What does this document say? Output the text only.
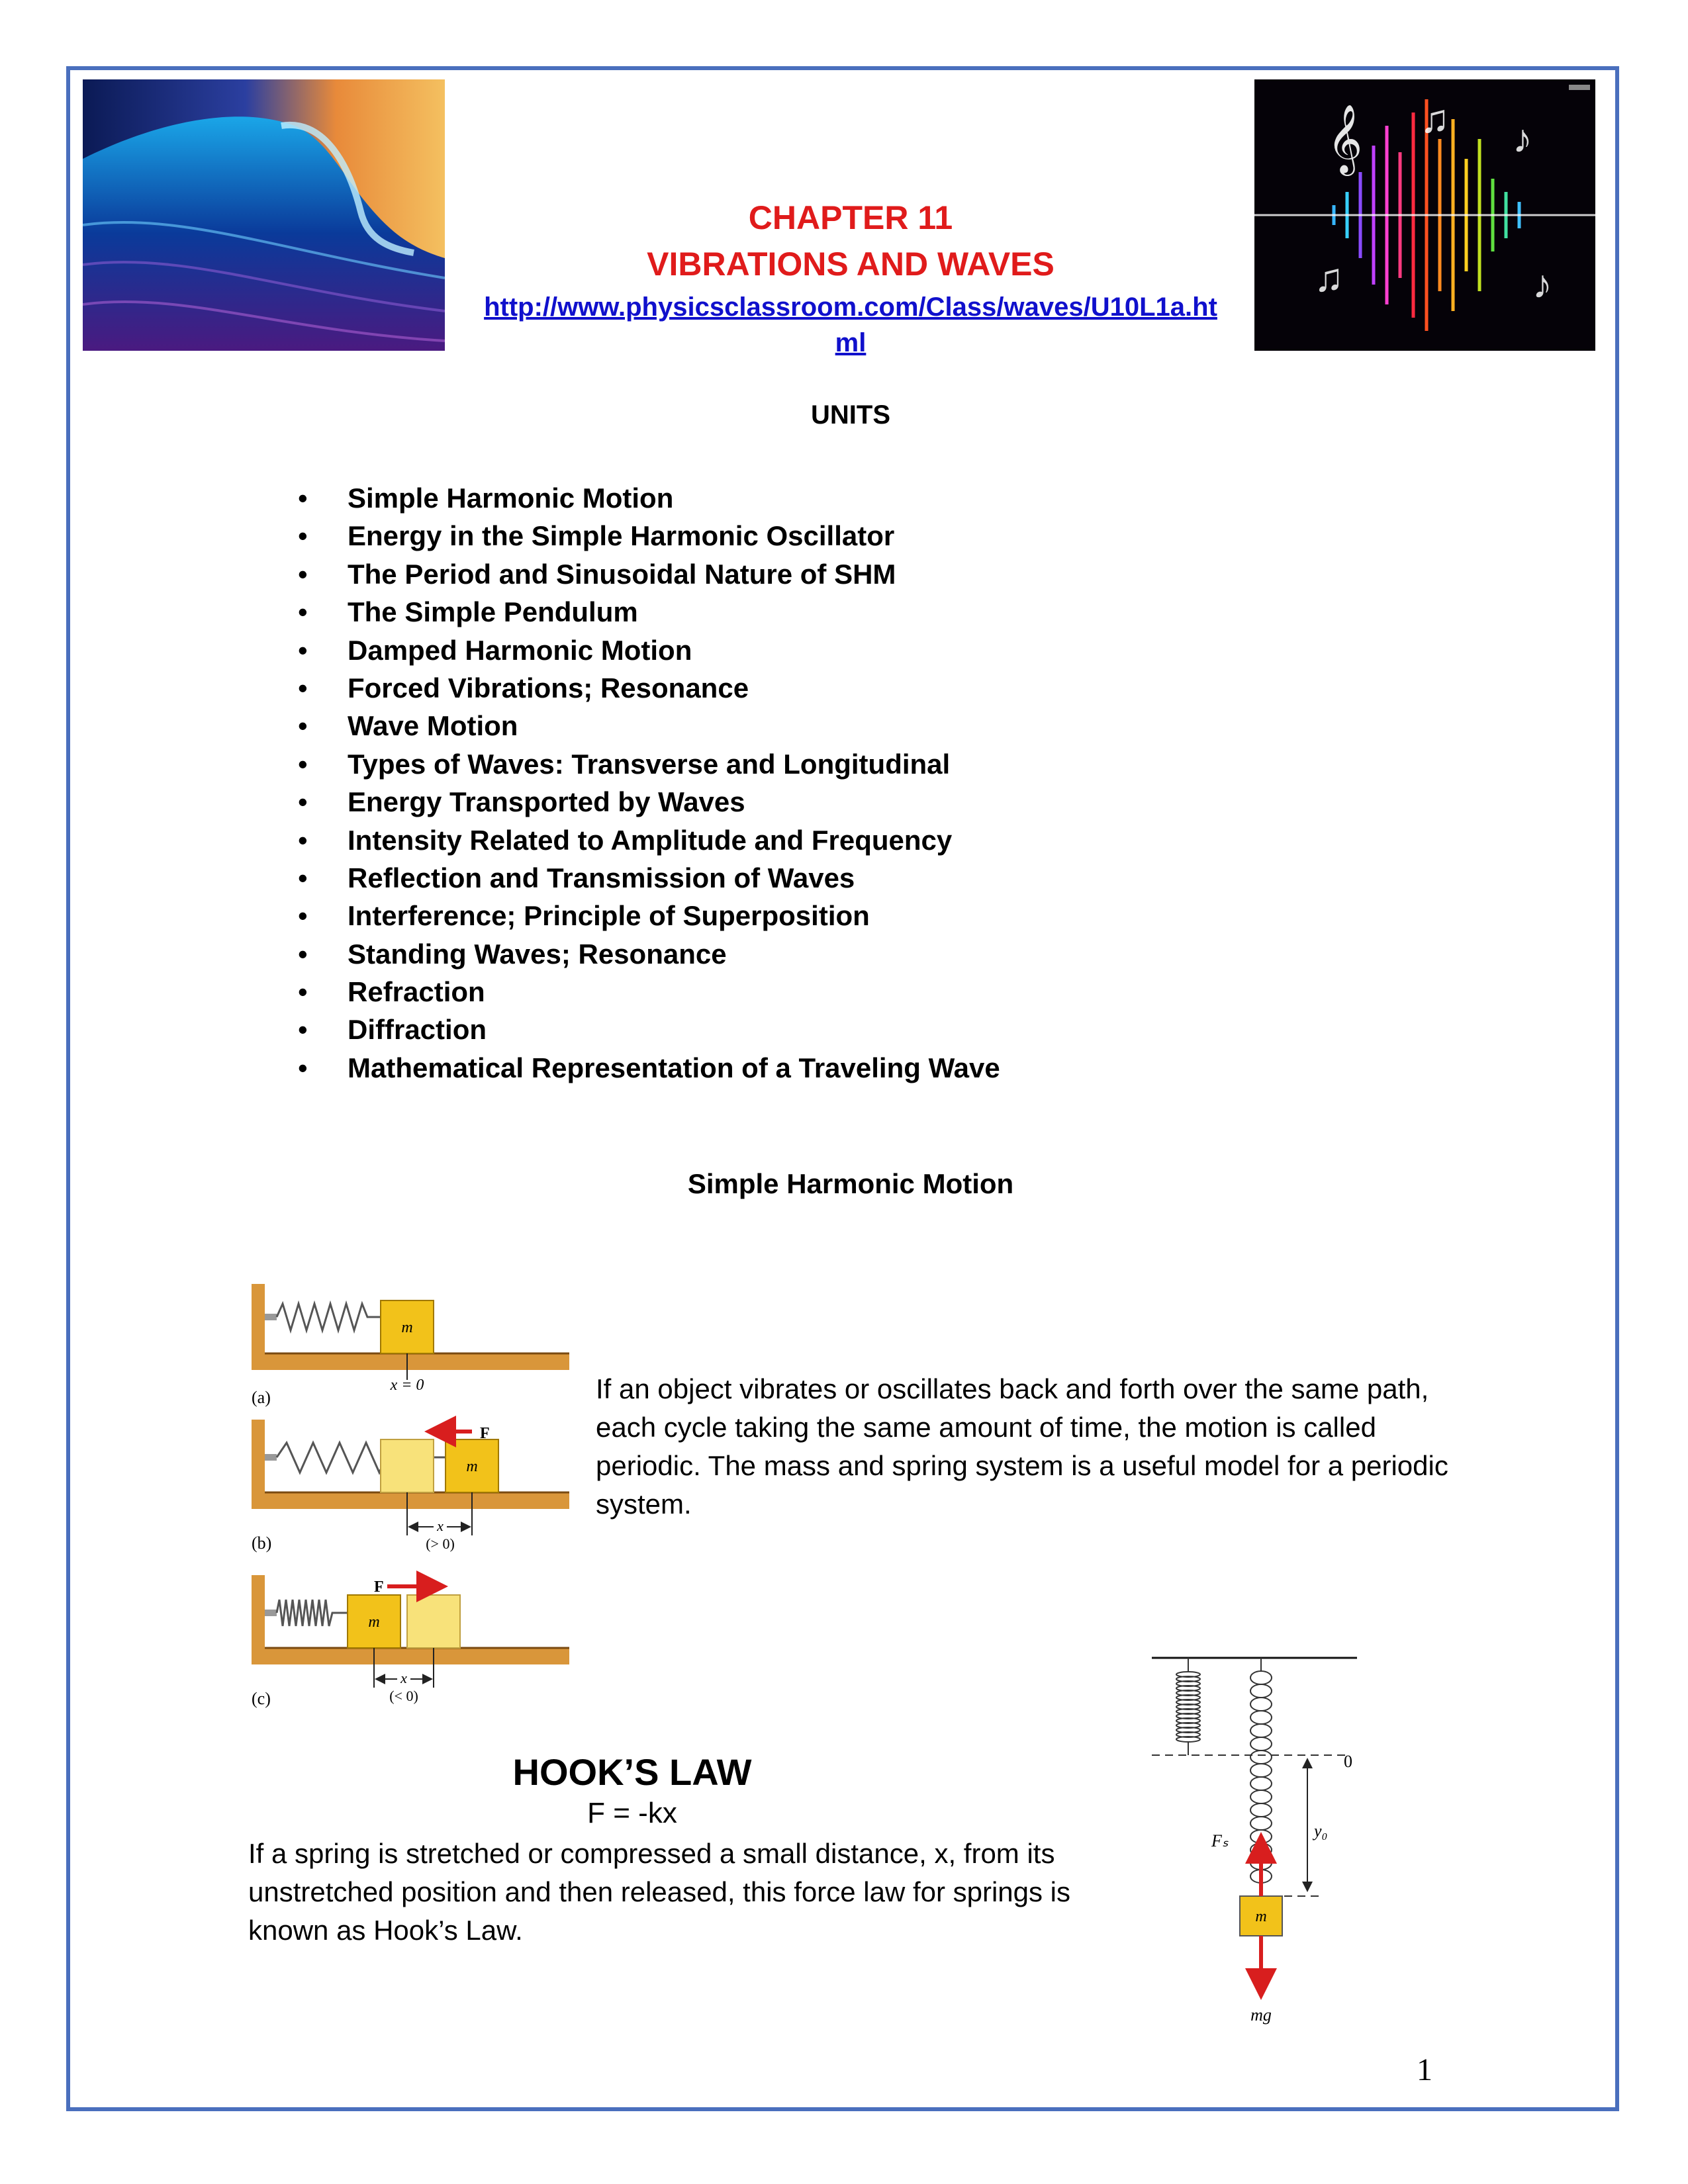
𝄞 ♫ ♪
♫	♪
CHAPTER 11
VIBRATIONS AND WAVES
http://www.physicsclassroom.com/Class/waves/U10L1a.ht
ml
UNITS
• Simple Harmonic Motion
• Energy in the Simple Harmonic Oscillator
• The Period and Sinusoidal Nature of SHM
• The Simple Pendulum
• Damped Harmonic Motion
• Forced Vibrations; Resonance
• Wave Motion
• Types of Waves: Transverse and Longitudinal
• Energy Transported by Waves
• Intensity Related to Amplitude and Frequency
• Reflection and Transmission of Waves
• Interference; Principle of Superposition
• Standing Waves; Resonance
• Refraction
• Diffraction
• Mathematical Representation of a Traveling Wave
Simple Harmonic Motion
m
(a)
x = 0
m
F
x
(> 0)
(b)
m
F
x
(< 0)
(c)
If an object vibrates or oscillates back and forth over the same path, each cycle taking the same amount of time, the motion is called periodic. The mass and spring system is a useful model for a periodic system.
HOOK’S LAW
F = -kx
If a spring is stretched or compressed a small distance, x, from its unstretched position and then released, this force law for springs is known as Hook’s Law.
0
y₀
m
Fₛ
mg
1
